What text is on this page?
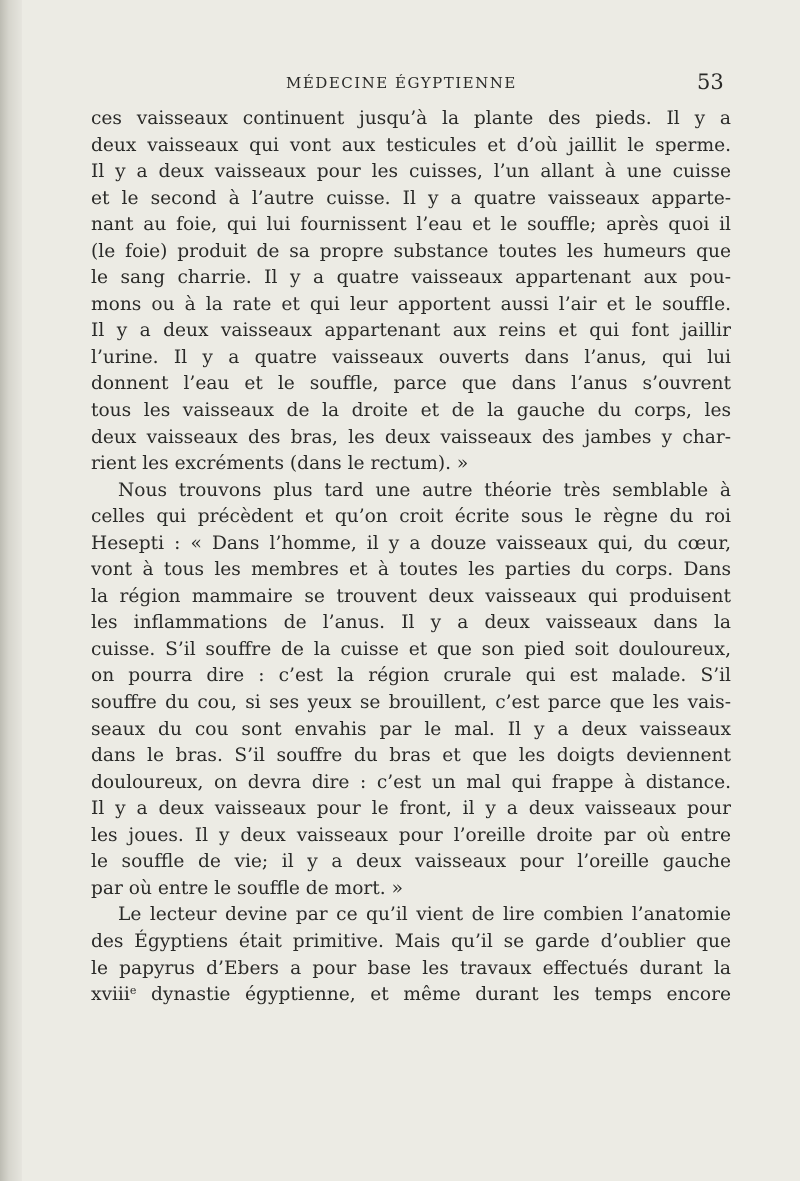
MÉDECINE ÉGYPTIENNE	53
ces vaisseaux continuent jusqu’à la plante des pieds. Il y a
deux vaisseaux qui vont aux testicules et d’où jaillit le sperme.
Il y a deux vaisseaux pour les cuisses, l’un allant à une cuisse
et le second à l’autre cuisse. Il y a quatre vaisseaux apparte-
nant au foie, qui lui fournissent l’eau et le souffle; après quoi il
(le foie) produit de sa propre substance toutes les humeurs que
le sang charrie. Il y a quatre vaisseaux appartenant aux pou-
mons ou à la rate et qui leur apportent aussi l’air et le souffle.
Il y a deux vaisseaux appartenant aux reins et qui font jaillir
l’urine. Il y a quatre vaisseaux ouverts dans l’anus, qui lui
donnent l’eau et le souffle, parce que dans l’anus s’ouvrent
tous les vaisseaux de la droite et de la gauche du corps, les
deux vaisseaux des bras, les deux vaisseaux des jambes y char-
rient les excréments (dans le rectum). »
Nous trouvons plus tard une autre théorie très semblable à
celles qui précèdent et qu’on croit écrite sous le règne du roi
Hesepti : « Dans l’homme, il y a douze vaisseaux qui, du cœur,
vont à tous les membres et à toutes les parties du corps. Dans
la région mammaire se trouvent deux vaisseaux qui produisent
les inflammations de l’anus. Il y a deux vaisseaux dans la
cuisse. S’il souffre de la cuisse et que son pied soit douloureux,
on pourra dire : c’est la région crurale qui est malade. S’il
souffre du cou, si ses yeux se brouillent, c’est parce que les vais-
seaux du cou sont envahis par le mal. Il y a deux vaisseaux
dans le bras. S’il souffre du bras et que les doigts deviennent
douloureux, on devra dire : c’est un mal qui frappe à distance.
Il y a deux vaisseaux pour le front, il y a deux vaisseaux pour
les joues. Il y deux vaisseaux pour l’oreille droite par où entre
le souffle de vie; il y a deux vaisseaux pour l’oreille gauche
par où entre le souffle de mort. »
Le lecteur devine par ce qu’il vient de lire combien l’anatomie
des Égyptiens était primitive. Mais qu’il se garde d’oublier que
le papyrus d’Ebers a pour base les travaux effectués durant la
xviii$^e$ dynastie égyptienne, et même durant les temps encore
